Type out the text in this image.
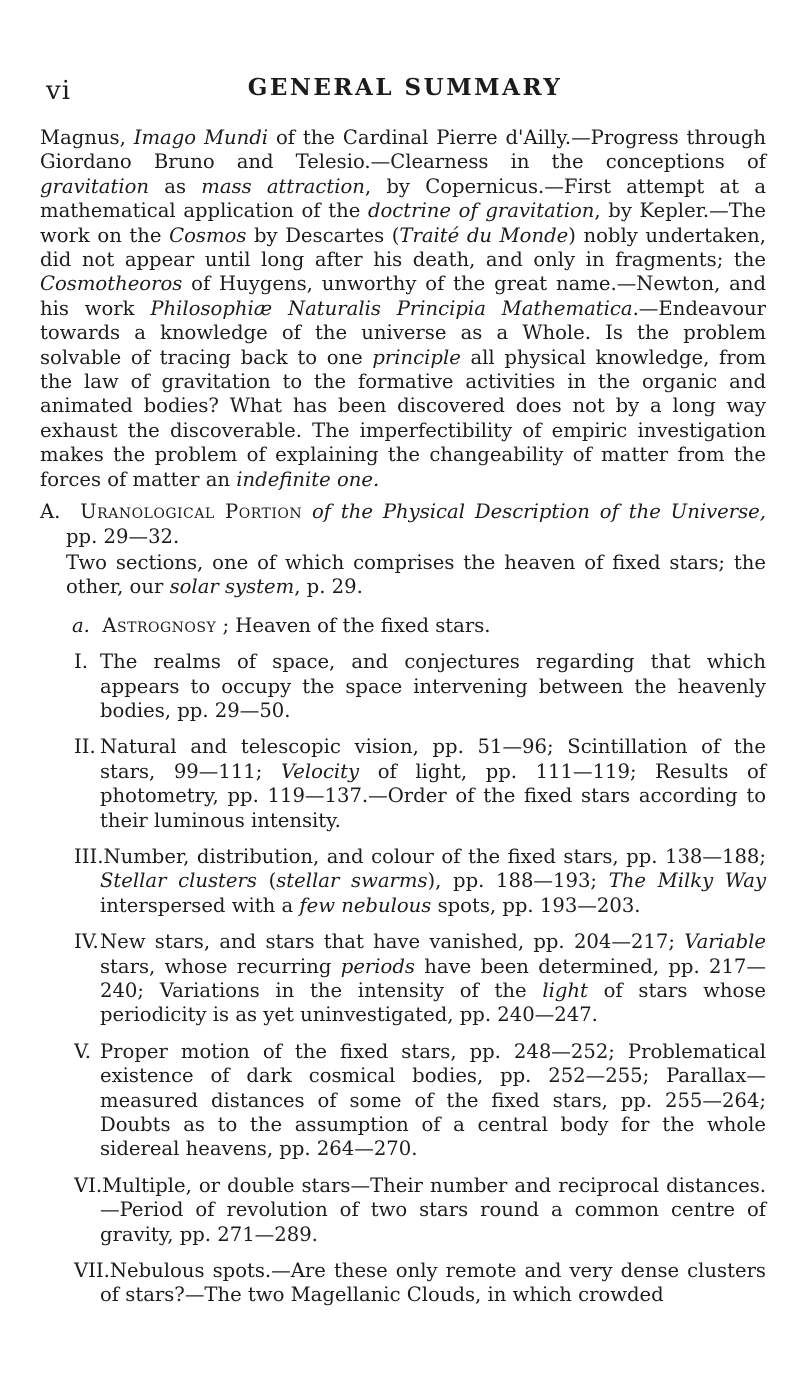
vi	GENERAL SUMMARY

Magnus, Imago Mundi of the Cardinal Pierre d'Ailly.—Progress through Giordano Bruno and Telesio.—Clearness in the conceptions of gravitation as mass attraction, by Copernicus.—First attempt at a mathematical application of the doctrine of gravitation, by Kepler.—The work on the Cosmos by Descartes (Traité du Monde) nobly undertaken, did not appear until long after his death, and only in fragments; the Cosmotheoros of Huygens, unworthy of the great name.—Newton, and his work Philosophiæ Naturalis Principia Mathematica.—Endeavour towards a knowledge of the universe as a Whole. Is the problem solvable of tracing back to one principle all physical knowledge, from the law of gravitation to the formative activities in the organic and animated bodies? What has been discovered does not by a long way exhaust the discoverable. The imperfectibility of empiric investigation makes the problem of explaining the changeability of matter from the forces of matter an indefinite one.

A. Uranological Portion of the Physical Description of the Universe, pp. 29—32.

Two sections, one of which comprises the heaven of fixed stars; the other, our solar system, p. 29.

a. Astrognosy ; Heaven of the fixed stars.

I. The realms of space, and conjectures regarding that which appears to occupy the space intervening between the heavenly bodies, pp. 29—50.

II. Natural and telescopic vision, pp. 51—96; Scintillation of the stars, 99—111; Velocity of light, pp. 111—119; Results of photometry, pp. 119—137.—Order of the fixed stars according to their luminous intensity.

III.Number, distribution, and colour of the fixed stars, pp. 138—188; Stellar clusters (stellar swarms), pp. 188—193; The Milky Way interspersed with a few nebulous spots, pp. 193—203.

IV.New stars, and stars that have vanished, pp. 204—217; Variable stars, whose recurring periods have been determined, pp. 217—240; Variations in the intensity of the light of stars whose periodicity is as yet uninvestigated, pp. 240—247.

V. Proper motion of the fixed stars, pp. 248—252; Problematical existence of dark cosmical bodies, pp. 252—255; Parallax—measured distances of some of the fixed stars, pp. 255—264; Doubts as to the assumption of a central body for the whole sidereal heavens, pp. 264—270.

VI.Multiple, or double stars—Their number and reciprocal distances.—Period of revolution of two stars round a common centre of gravity, pp. 271—289.

VII.Nebulous spots.—Are these only remote and very dense clusters of stars?—The two Magellanic Clouds, in which crowded
